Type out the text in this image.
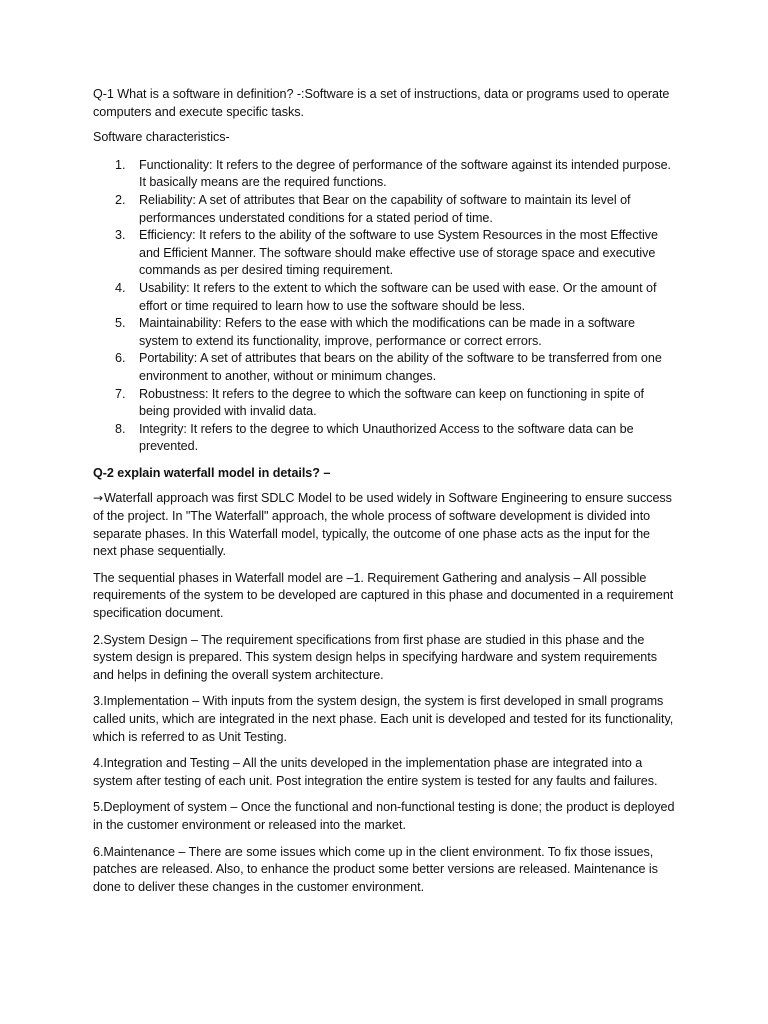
Q-1 What is a software in definition? -:Software is a set of instructions, data or programs used to operate computers and execute specific tasks.

Software characteristics-

1.	Functionality: It refers to the degree of performance of the software against its intended purpose. It basically means are the required functions.
2.	Reliability: A set of attributes that Bear on the capability of software to maintain its level of performances understated conditions for a stated period of time.
3.	Efficiency: It refers to the ability of the software to use System Resources in the most Effective and Efficient Manner. The software should make effective use of storage space and executive commands as per desired timing requirement.
4.	Usability: It refers to the extent to which the software can be used with ease. Or the amount of effort or time required to learn how to use the software should be less.
5.	Maintainability: Refers to the ease with which the modifications can be made in a software system to extend its functionality, improve, performance or correct errors.
6.	Portability: A set of attributes that bears on the ability of the software to be transferred from one environment to another, without or minimum changes.
7.	Robustness: It refers to the degree to which the software can keep on functioning in spite of being provided with invalid data.
8.	Integrity: It refers to the degree to which Unauthorized Access to the software data can be prevented.

Q-2 explain waterfall model in details? –

→Waterfall approach was first SDLC Model to be used widely in Software Engineering to ensure success of the project. In "The Waterfall" approach, the whole process of software development is divided into separate phases. In this Waterfall model, typically, the outcome of one phase acts as the input for the next phase sequentially.

The sequential phases in Waterfall model are –1. Requirement Gathering and analysis – All possible requirements of the system to be developed are captured in this phase and documented in a requirement specification document.

2.System Design – The requirement specifications from first phase are studied in this phase and the system design is prepared. This system design helps in specifying hardware and system requirements and helps in defining the overall system architecture.

3.Implementation – With inputs from the system design, the system is first developed in small programs called units, which are integrated in the next phase. Each unit is developed and tested for its functionality, which is referred to as Unit Testing.

4.Integration and Testing – All the units developed in the implementation phase are integrated into a system after testing of each unit. Post integration the entire system is tested for any faults and failures.

5.Deployment of system – Once the functional and non-functional testing is done; the product is deployed in the customer environment or released into the market.

6.Maintenance – There are some issues which come up in the client environment. To fix those issues, patches are released. Also, to enhance the product some better versions are released. Maintenance is done to deliver these changes in the customer environment.
